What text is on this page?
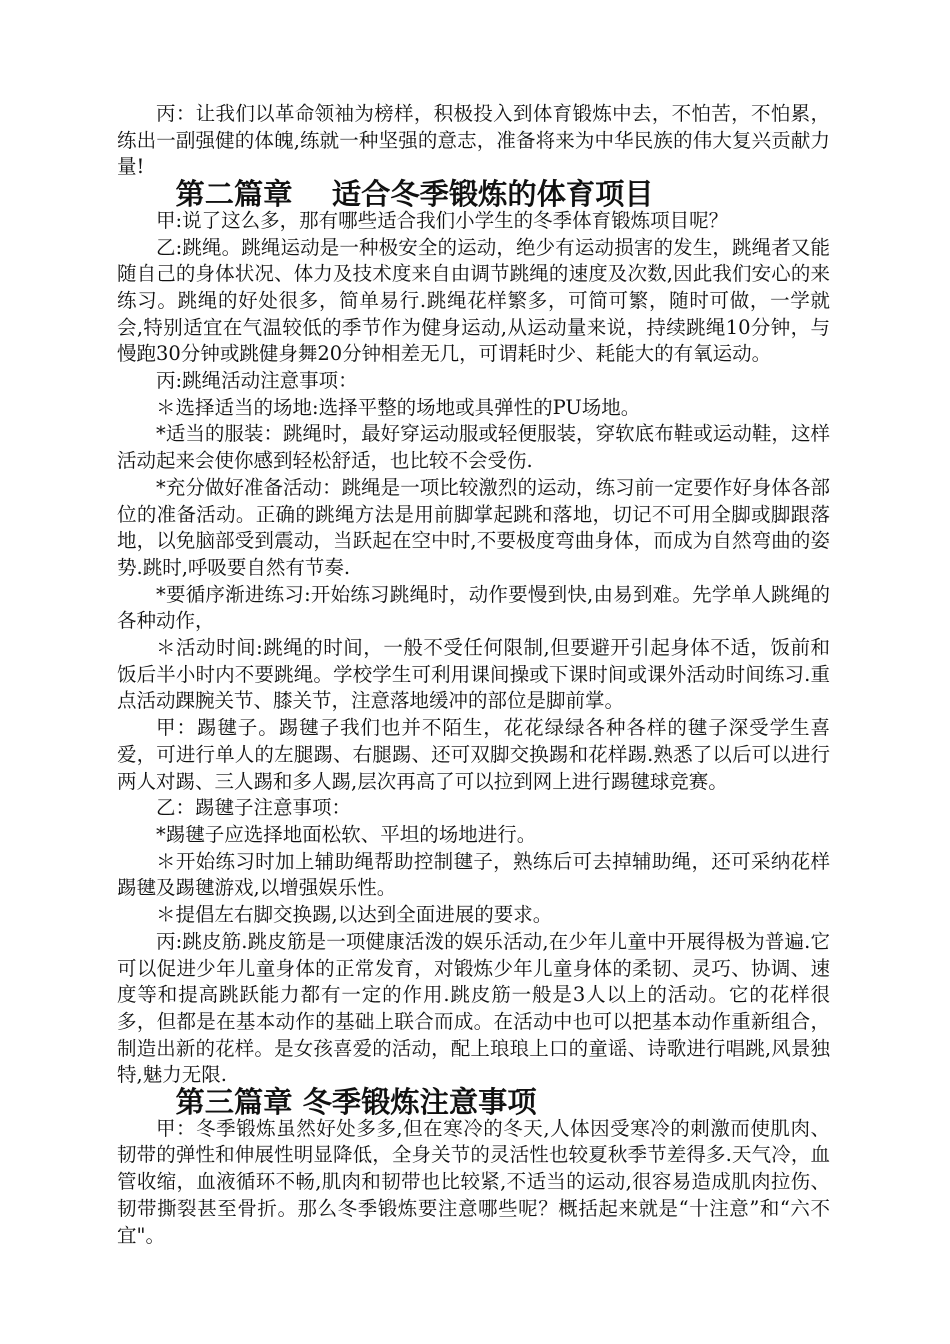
丙：让我们以革命领袖为榜样，积极投入到体育锻炼中去，不怕苦，不怕累，练出一副强健的体魄,练就一种坚强的意志，准备将来为中华民族的伟大复兴贡献力量!

第二篇章　 适合冬季锻炼的体育项目

甲:说了这么多，那有哪些适合我们小学生的冬季体育锻炼项目呢？

乙:跳绳。跳绳运动是一种极安全的运动，绝少有运动损害的发生，跳绳者又能随自己的身体状况、体力及技术度来自由调节跳绳的速度及次数,因此我们安心的来练习。跳绳的好处很多，简单易行.跳绳花样繁多，可简可繁，随时可做，一学就会,特别适宜在气温较低的季节作为健身运动,从运动量来说，持续跳绳10分钟，与慢跑30分钟或跳健身舞20分钟相差无几，可谓耗时少、耗能大的有氧运动。

丙:跳绳活动注意事项：

＊选择适当的场地:选择平整的场地或具弹性的PU场地。

*适当的服装：跳绳时，最好穿运动服或轻便服装，穿软底布鞋或运动鞋，这样活动起来会使你感到轻松舒适，也比较不会受伤.

*充分做好准备活动：跳绳是一项比较激烈的运动，练习前一定要作好身体各部位的准备活动。正确的跳绳方法是用前脚掌起跳和落地，切记不可用全脚或脚跟落地，以免脑部受到震动，当跃起在空中时,不要极度弯曲身体，而成为自然弯曲的姿势.跳时,呼吸要自然有节奏.

*要循序渐进练习:开始练习跳绳时，动作要慢到快,由易到难。先学单人跳绳的各种动作，

＊活动时间:跳绳的时间，一般不受任何限制,但要避开引起身体不适，饭前和饭后半小时内不要跳绳。学校学生可利用课间操或下课时间或课外活动时间练习.重点活动踝腕关节、膝关节，注意落地缓冲的部位是脚前掌。

甲：踢毽子。踢毽子我们也并不陌生，花花绿绿各种各样的毽子深受学生喜爱，可进行单人的左腿踢、右腿踢、还可双脚交换踢和花样踢.熟悉了以后可以进行两人对踢、三人踢和多人踢,层次再高了可以拉到网上进行踢毽球竞赛。

乙：踢毽子注意事项：

*踢毽子应选择地面松软、平坦的场地进行。

＊开始练习时加上辅助绳帮助控制毽子，熟练后可去掉辅助绳，还可采纳花样踢毽及踢毽游戏,以增强娱乐性。

＊提倡左右脚交换踢,以达到全面进展的要求。

丙:跳皮筋.跳皮筋是一项健康活泼的娱乐活动,在少年儿童中开展得极为普遍.它可以促进少年儿童身体的正常发育，对锻炼少年儿童身体的柔韧、灵巧、协调、速度等和提高跳跃能力都有一定的作用.跳皮筋一般是3人以上的活动。它的花样很多，但都是在基本动作的基础上联合而成。在活动中也可以把基本动作重新组合，制造出新的花样。是女孩喜爱的活动，配上琅琅上口的童谣、诗歌进行唱跳,风景独特,魅力无限.

第三篇章 冬季锻炼注意事项

甲：冬季锻炼虽然好处多多,但在寒冷的冬天,人体因受寒冷的刺激而使肌肉、韧带的弹性和伸展性明显降低，全身关节的灵活性也较夏秋季节差得多.天气冷，血管收缩，血液循环不畅,肌肉和韧带也比较紧,不适当的运动,很容易造成肌肉拉伤、韧带撕裂甚至骨折。那么冬季锻炼要注意哪些呢？概括起来就是“十注意”和“六不宜"。
